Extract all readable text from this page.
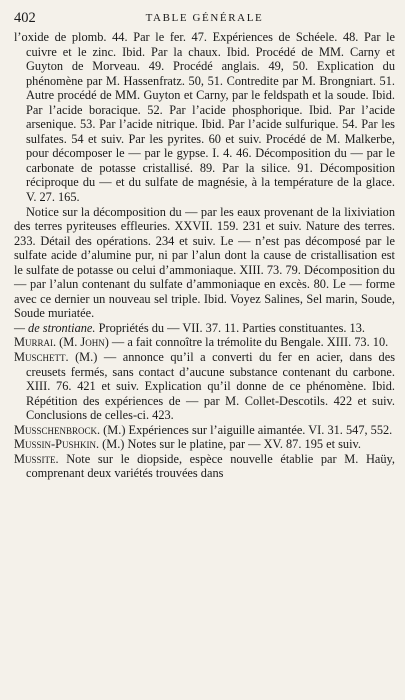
402	TABLE GÉNÉRALE

l’oxide de plomb. 44. Par le fer. 47. Expériences de Schéele. 48. Par le cuivre et le zinc. Ibid. Par la chaux. Ibid. Procédé de MM. Carny et Guyton de Morveau. 49. Procédé anglais. 49, 50. Explication du phénomène par M. Hassenfratz. 50, 51. Contredite par M. Brongniart. 51. Autre procédé de MM. Guyton et Carny, par le feldspath et la soude. Ibid. Par l’acide boracique. 52. Par l’acide phosphorique. Ibid. Par l’acide arsenique. 53. Par l’acide nitrique. Ibid. Par l’acide sulfurique. 54. Par les sulfates. 54 et suiv. Par les pyrites. 60 et suiv. Procédé de M. Malkerbe, pour décomposer le — par le gypse. I. 4. 46. Décomposition du — par le carbonate de potasse cristallisé. 89. Par la silice. 91. Décomposition réciproque du — et du sulfate de magnésie, à la température de la glace. V. 27. 165.

Notice sur la décomposition du — par les eaux provenant de la lixiviation des terres pyriteuses effleuries. XXVII. 159. 231 et suiv. Nature des terres. 233. Détail des opérations. 234 et suiv. Le — n’est pas décomposé par le sulfate acide d’alumine pur, ni par l’alun dont la cause de cristallisation est le sulfate de potasse ou celui d’ammoniaque. XIII. 73. 79. Décomposition du — par l’alun contenant du sulfate d’ammoniaque en excès. 80. Le — forme avec ce dernier un nouveau sel triple. Ibid. Voyez Salines, Sel marin, Soude, Soude muriatée.

— de strontiane. Propriétés du — VII. 37. 11. Parties constituantes. 13.

Murrai. (M. John) — a fait connoître la trémolite du Bengale. XIII. 73. 10.

Muschett. (M.) — annonce qu’il a converti du fer en acier, dans des creusets fermés, sans contact d’aucune substance contenant du carbone. XIII. 76. 421 et suiv. Explication qu’il donne de ce phénomène. Ibid. Répétition des expériences de — par M. Collet-Descotils. 422 et suiv. Conclusions de celles-ci. 423.

Musschenbrock. (M.) Expériences sur l’aiguille aimantée. VI. 31. 547, 552.

Mussin-Pushkin. (M.) Notes sur le platine, par — XV. 87. 195 et suiv.

Mussite. Note sur le diopside, espèce nouvelle établie par M. Haüy, comprenant deux variétés trouvées dans
